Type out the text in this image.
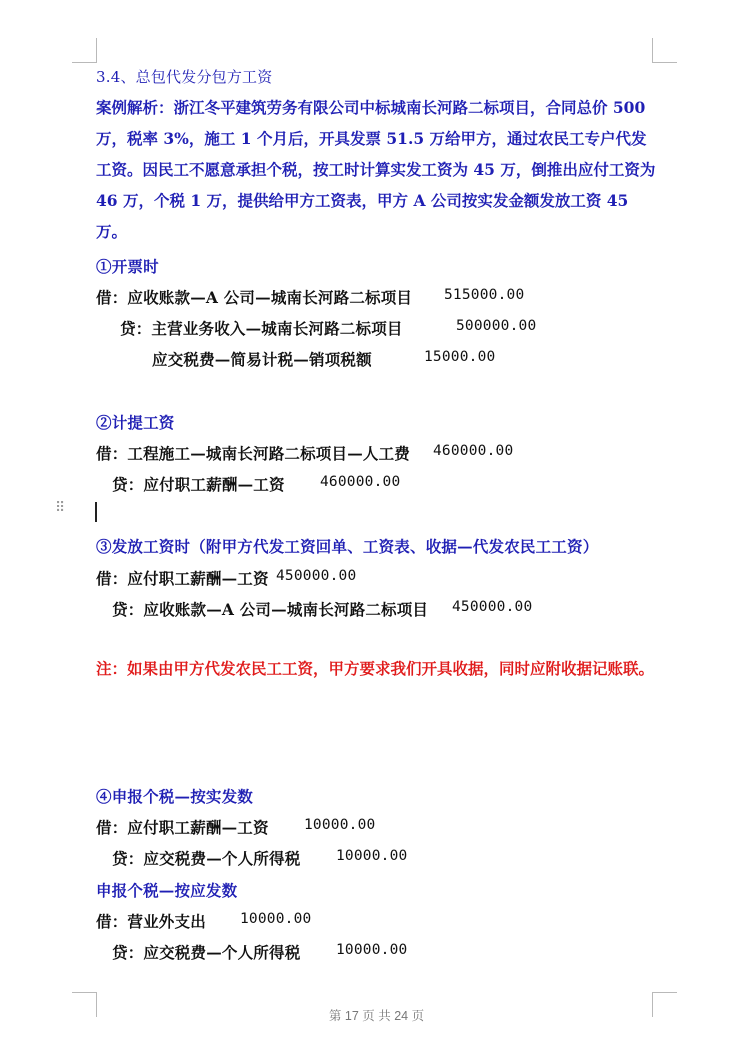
3.4、总包代发分包方工资
案例解析：浙江冬平建筑劳务有限公司中标城南长河路二标项目，合同总价 500 万，税率 3%，施工 1 个月后，开具发票 51.5 万给甲方，通过农民工专户代发工资。因民工不愿意承担个税，按工时计算实发工资为 45 万，倒推出应付工资为 46 万，个税 1 万，提供给甲方工资表，甲方 A 公司按实发金额发放工资 45 万。
①开票时
借：应收账款—A 公司—城南长河路二标项目 515000.00
贷：主营业务收入—城南长河路二标项目	500000.00
应交税费—简易计税—销项税额	15000.00
②计提工资
借：工程施工—城南长河路二标项目—人工费 460000.00
贷：应付职工薪酬—工资 460000.00
⠿
③发放工资时（附甲方代发工资回单、工资表、收据—代发农民工工资）
借：应付职工薪酬—工资 450000.00
贷：应收账款—A 公司—城南长河路二标项目 450000.00
注：如果由甲方代发农民工工资，甲方要求我们开具收据，同时应附收据记账联。
④申报个税—按实发数
借：应付职工薪酬—工资 10000.00
贷：应交税费—个人所得税 10000.00
申报个税—按应发数
借：营业外支出 10000.00
贷：应交税费—个人所得税 10000.00
第 17 页 共 24 页
